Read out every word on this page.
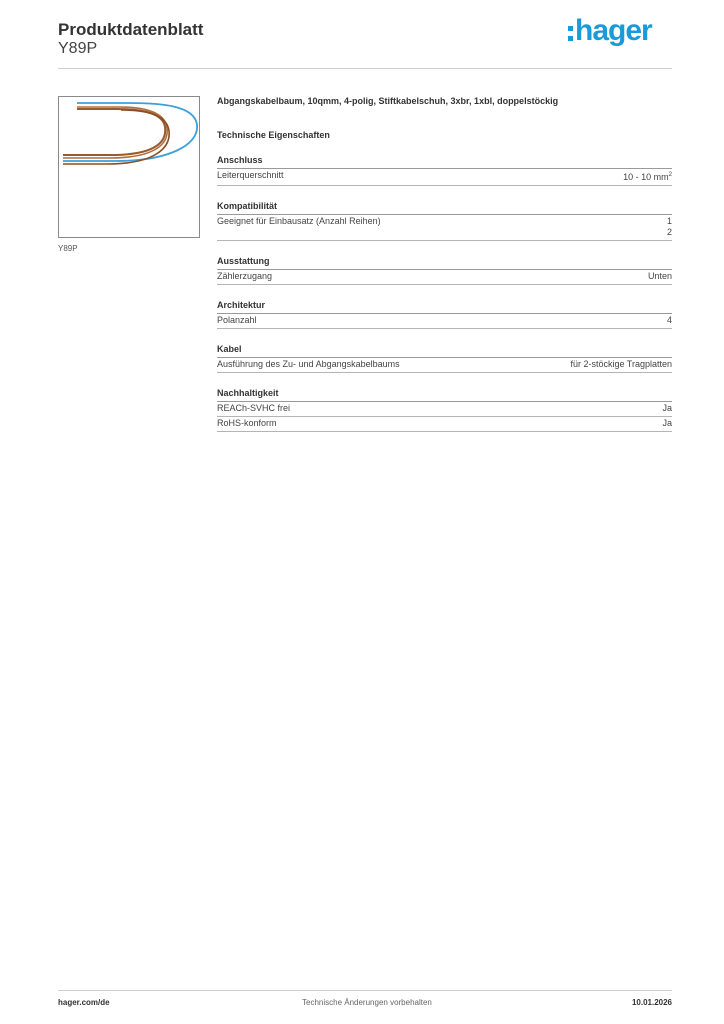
Produktdatenblatt
Y89P
hager
Y89P
Abgangskabelbaum, 10qmm, 4-polig, Stiftkabelschuh, 3xbr, 1xbl, doppelstöckig
Technische Eigenschaften
Anschluss
Leiterquerschnitt	10 - 10 $mm^2$
Kompatibilität
Geeignet für Einbausatz (Anzahl Reihen)	1
2
Ausstattung
Zählerzugang	Unten
Architektur
Polanzahl	4
Kabel
Ausführung des Zu- und Abgangskabelbaums	für 2-stöckige Tragplatten
Nachhaltigkeit
REACh-SVHC frei	Ja
RoHS-konform	Ja
hager.com/de	Technische Änderungen vorbehalten	10.01.2026
